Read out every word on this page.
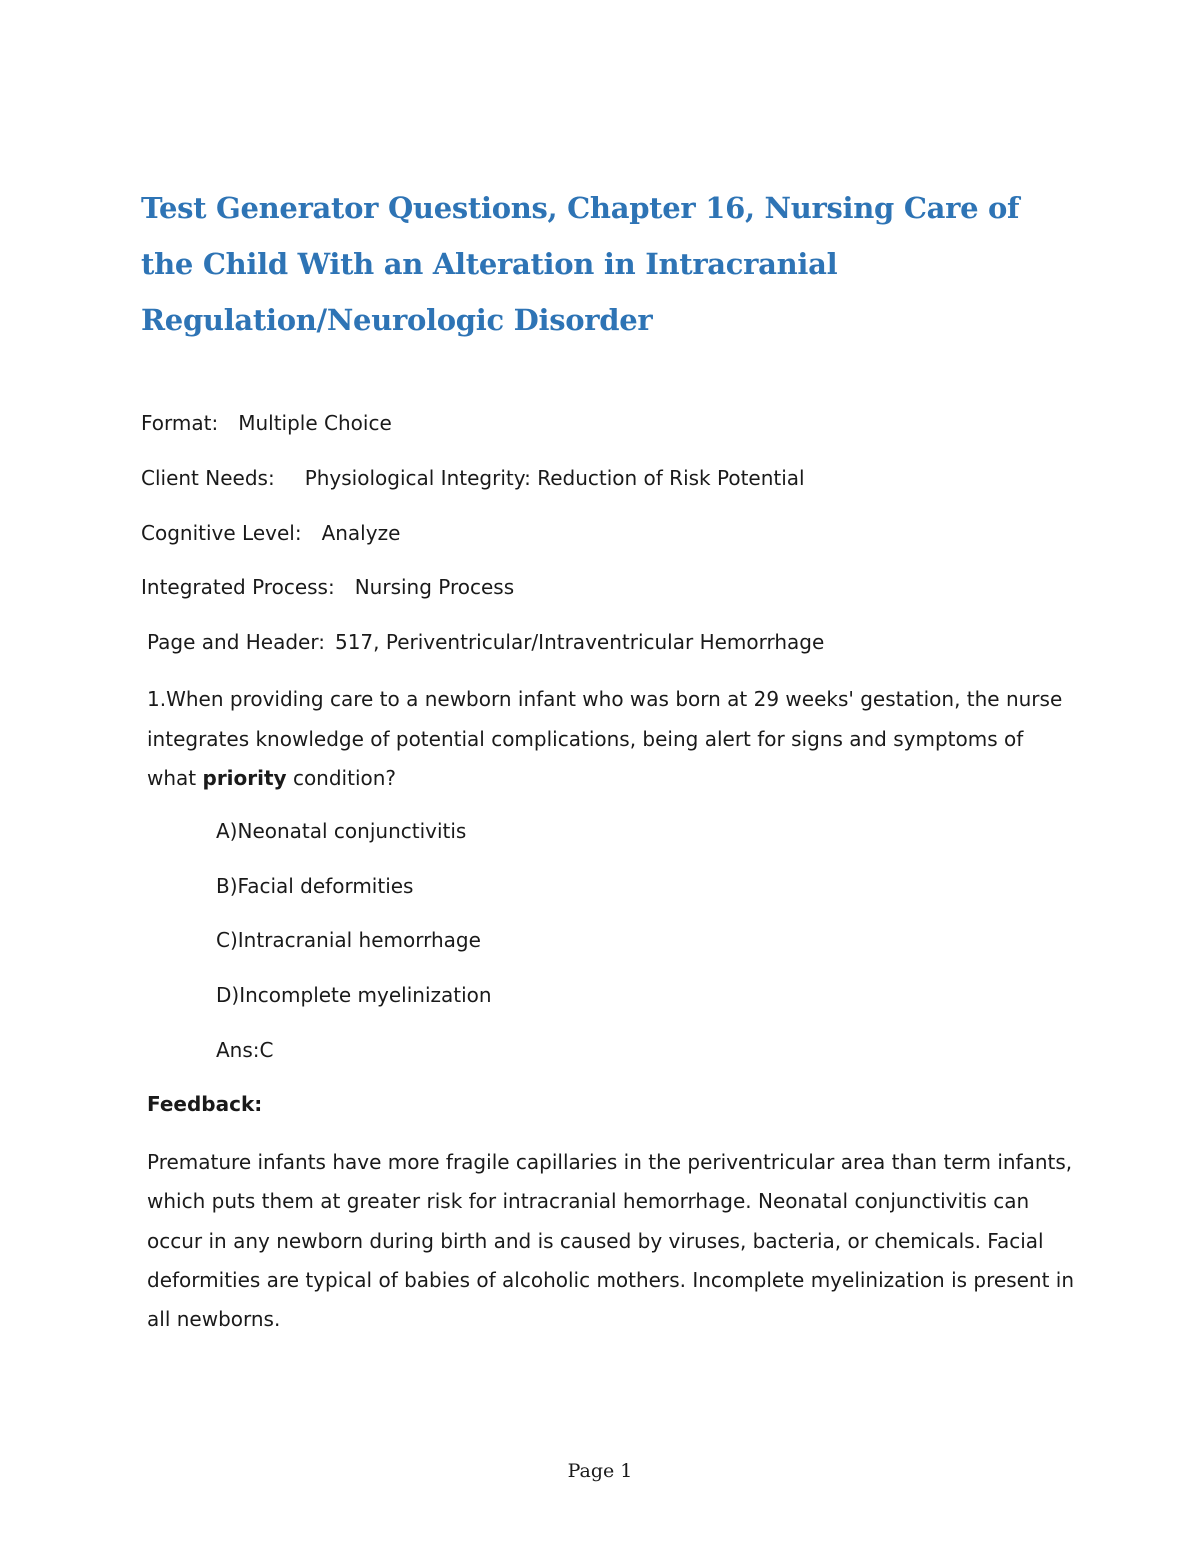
Test Generator Questions, Chapter 16, Nursing Care of the Child With an Alteration in Intracranial Regulation/Neurologic Disorder
Format: Multiple Choice
Client Needs: Physiological Integrity: Reduction of Risk Potential
Cognitive Level: Analyze
Integrated Process: Nursing Process
Page and Header: 517, Periventricular/Intraventricular Hemorrhage

1.When providing care to a newborn infant who was born at 29 weeks' gestation, the nurse integrates knowledge of potential complications, being alert for signs and symptoms of what priority condition?

A)Neonatal conjunctivitis
B)Facial deformities
C)Intracranial hemorrhage
D)Incomplete myelinization
Ans:C
Feedback:

Premature infants have more fragile capillaries in the periventricular area than term infants, which puts them at greater risk for intracranial hemorrhage. Neonatal conjunctivitis can occur in any newborn during birth and is caused by viruses, bacteria, or chemicals. Facial deformities are typical of babies of alcoholic mothers. Incomplete myelinization is present in all newborns.

Page 1
